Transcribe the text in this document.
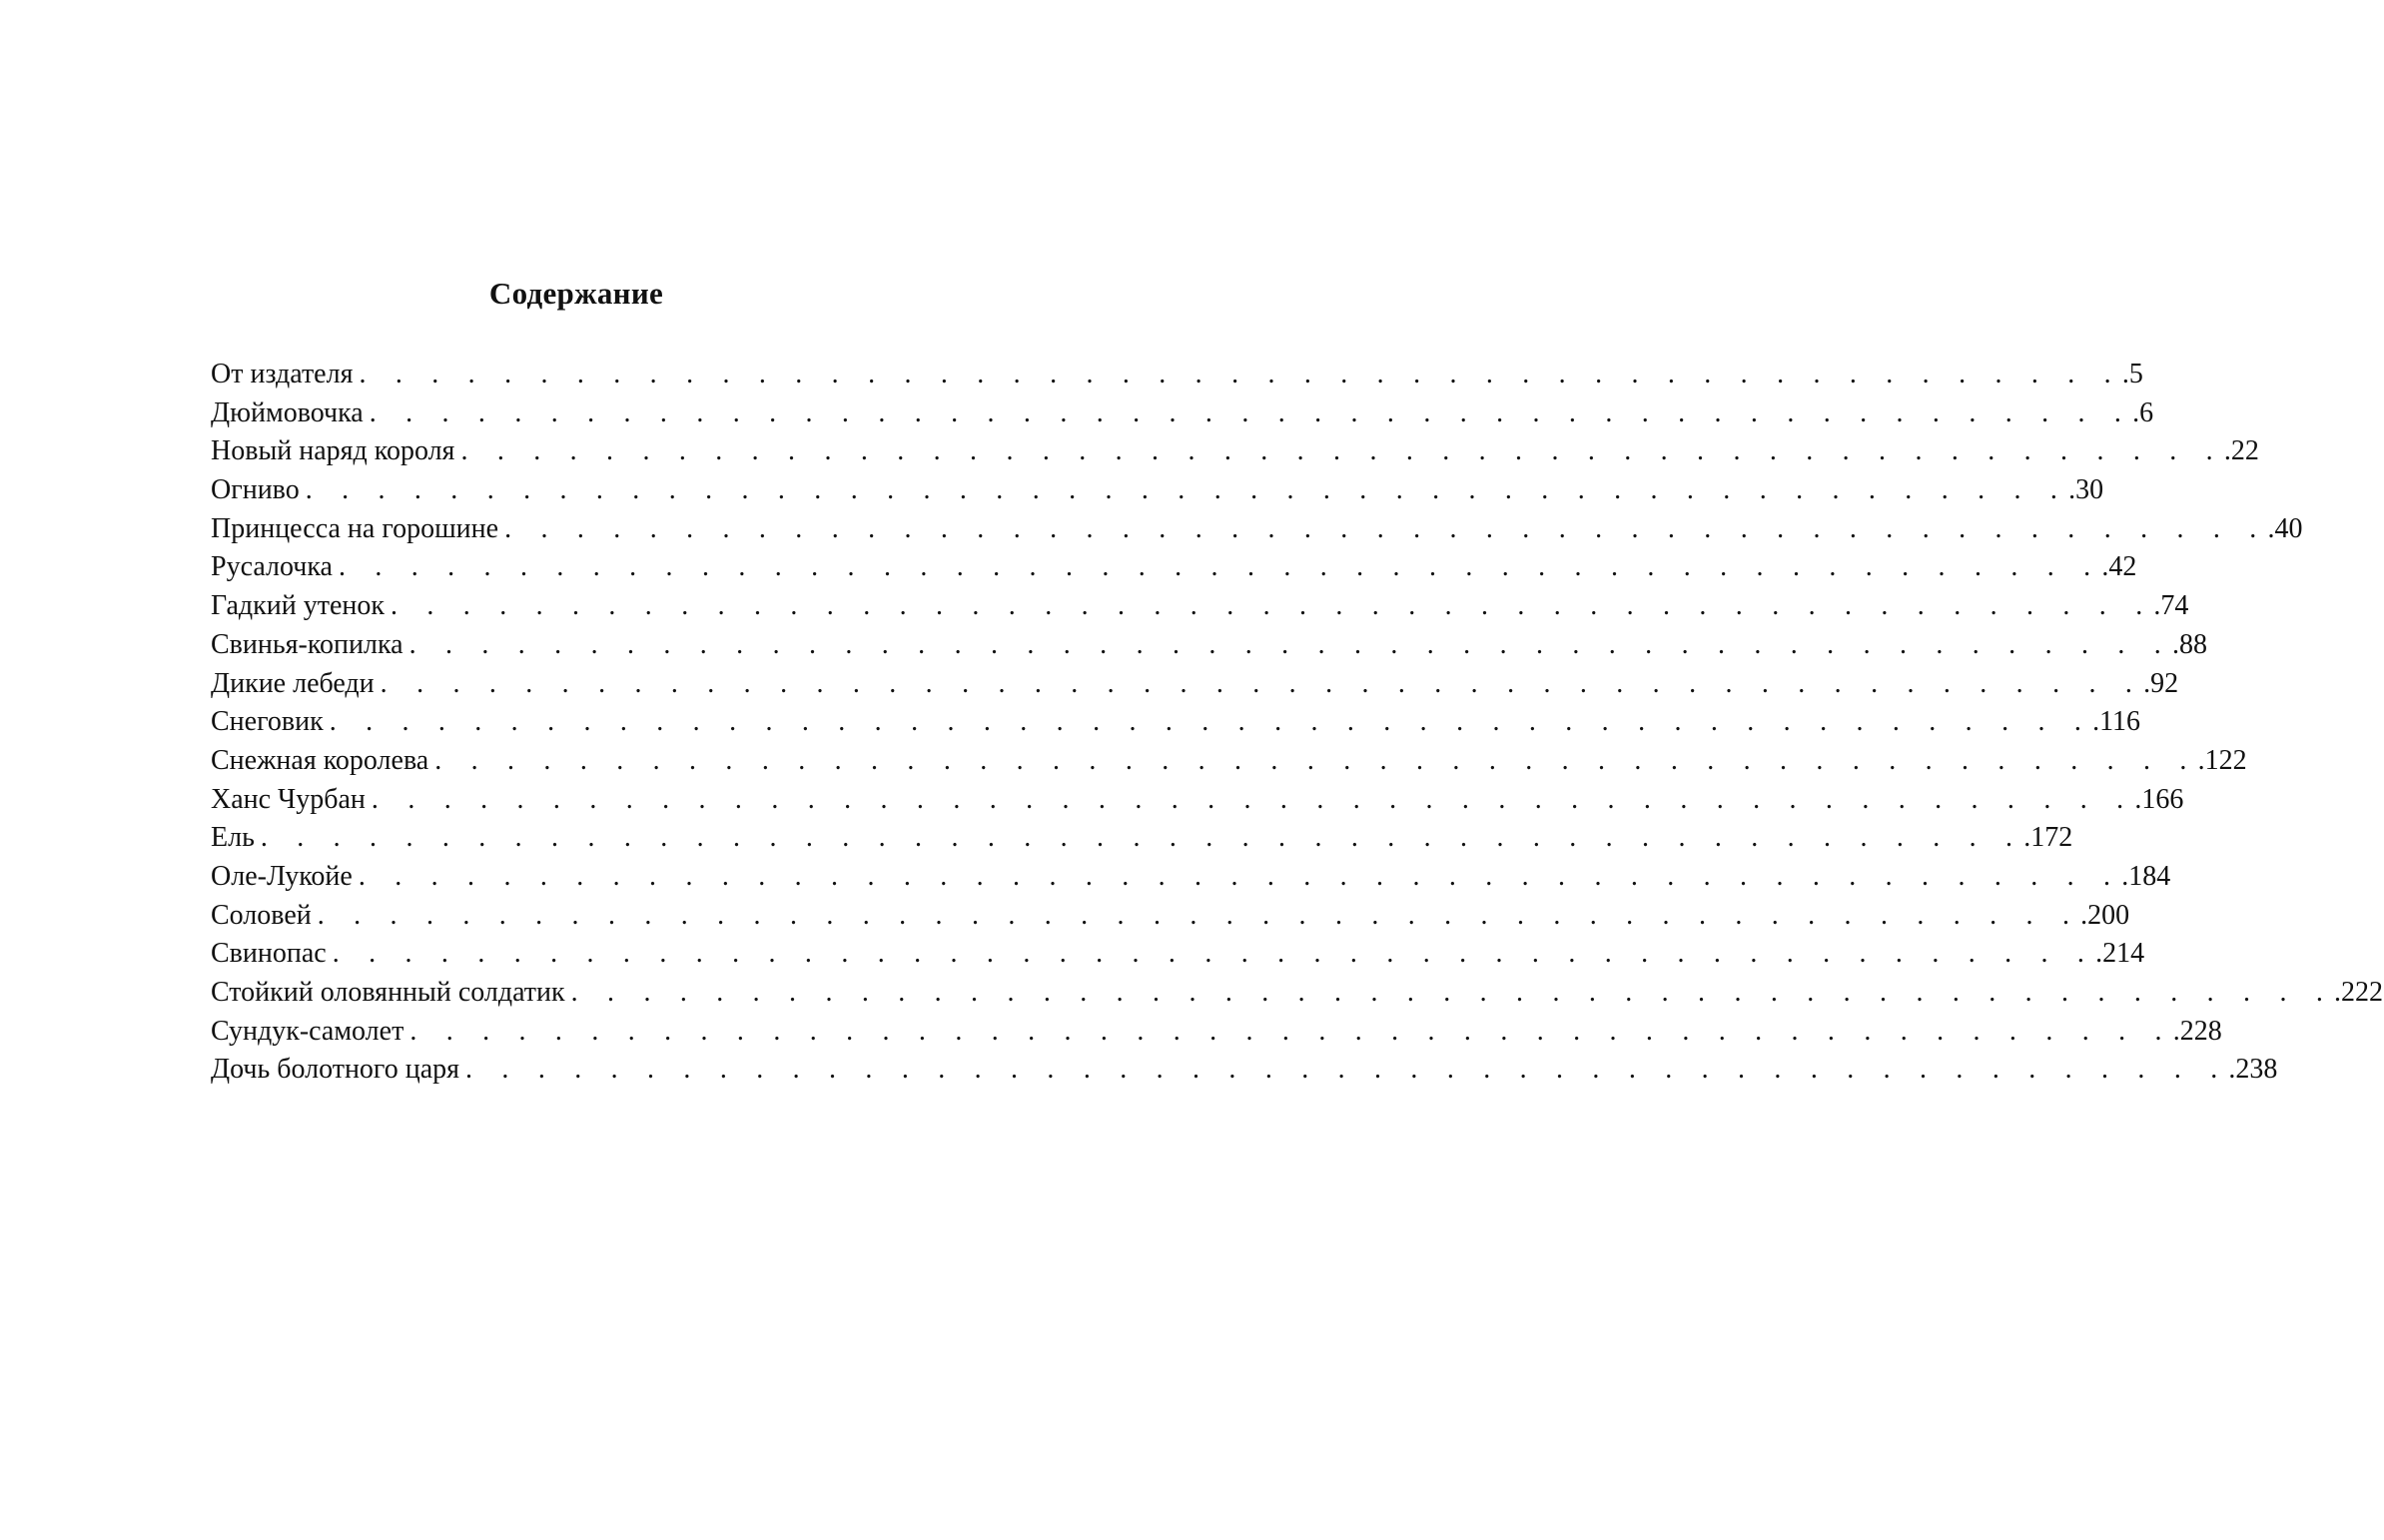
Содержание
От издателя . . . . . . . . . . . . . . . . . . . . . . . . . . . . . . . . . . . . . . . . . . . . . . . . . .5
Дюймовочка . . . . . . . . . . . . . . . . . . . . . . . . . . . . . . . . . . . . . . . . . . . . . . . . . .6
Новый наряд короля . . . . . . . . . . . . . . . . . . . . . . . . . . . . . . . . . . . . . . . . . . . . . . . . . .22
Огниво . . . . . . . . . . . . . . . . . . . . . . . . . . . . . . . . . . . . . . . . . . . . . . . . . .30
Принцесса на горошине . . . . . . . . . . . . . . . . . . . . . . . . . . . . . . . . . . . . . . . . . . . . . . . . . .40
Русалочка . . . . . . . . . . . . . . . . . . . . . . . . . . . . . . . . . . . . . . . . . . . . . . . . . .42
Гадкий утенок . . . . . . . . . . . . . . . . . . . . . . . . . . . . . . . . . . . . . . . . . . . . . . . . . .74
Свинья-копилка . . . . . . . . . . . . . . . . . . . . . . . . . . . . . . . . . . . . . . . . . . . . . . . . . .88
Дикие лебеди . . . . . . . . . . . . . . . . . . . . . . . . . . . . . . . . . . . . . . . . . . . . . . . . . .92
Снеговик . . . . . . . . . . . . . . . . . . . . . . . . . . . . . . . . . . . . . . . . . . . . . . . . . .116
Снежная королева . . . . . . . . . . . . . . . . . . . . . . . . . . . . . . . . . . . . . . . . . . . . . . . . . .122
Ханс Чурбан . . . . . . . . . . . . . . . . . . . . . . . . . . . . . . . . . . . . . . . . . . . . . . . . . .166
Ель . . . . . . . . . . . . . . . . . . . . . . . . . . . . . . . . . . . . . . . . . . . . . . . . . .172
Оле-Лукойе . . . . . . . . . . . . . . . . . . . . . . . . . . . . . . . . . . . . . . . . . . . . . . . . . .184
Соловей . . . . . . . . . . . . . . . . . . . . . . . . . . . . . . . . . . . . . . . . . . . . . . . . . .200
Свинопас . . . . . . . . . . . . . . . . . . . . . . . . . . . . . . . . . . . . . . . . . . . . . . . . . .214
Стойкий оловянный солдатик . . . . . . . . . . . . . . . . . . . . . . . . . . . . . . . . . . . . . . . . . . . . . . . . . .222
Сундук-самолет . . . . . . . . . . . . . . . . . . . . . . . . . . . . . . . . . . . . . . . . . . . . . . . . . .228
Дочь болотного царя . . . . . . . . . . . . . . . . . . . . . . . . . . . . . . . . . . . . . . . . . . . . . . . . . .238
